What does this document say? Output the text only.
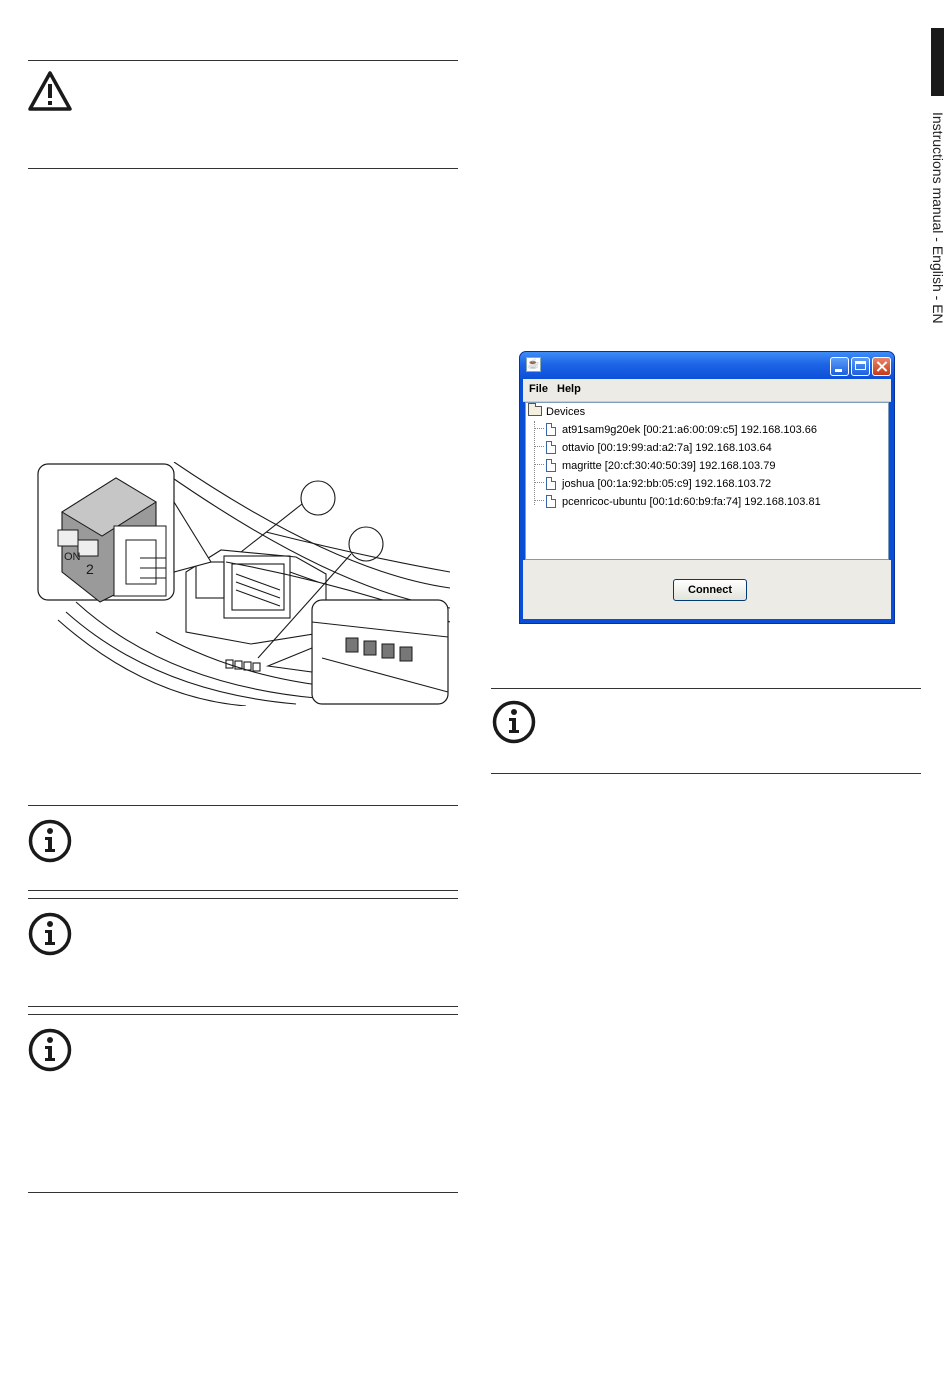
Instructions manual - English - EN
ON
2
☕
File Help
Devices
at91sam9g20ek [00:21:a6:00:09:c5] 192.168.103.66
ottavio [00:19:99:ad:a2:7a] 192.168.103.64
magritte [20:cf:30:40:50:39] 192.168.103.79
joshua [00:1a:92:bb:05:c9] 192.168.103.72
pcenricoc-ubuntu [00:1d:60:b9:fa:74] 192.168.103.81
Connect
